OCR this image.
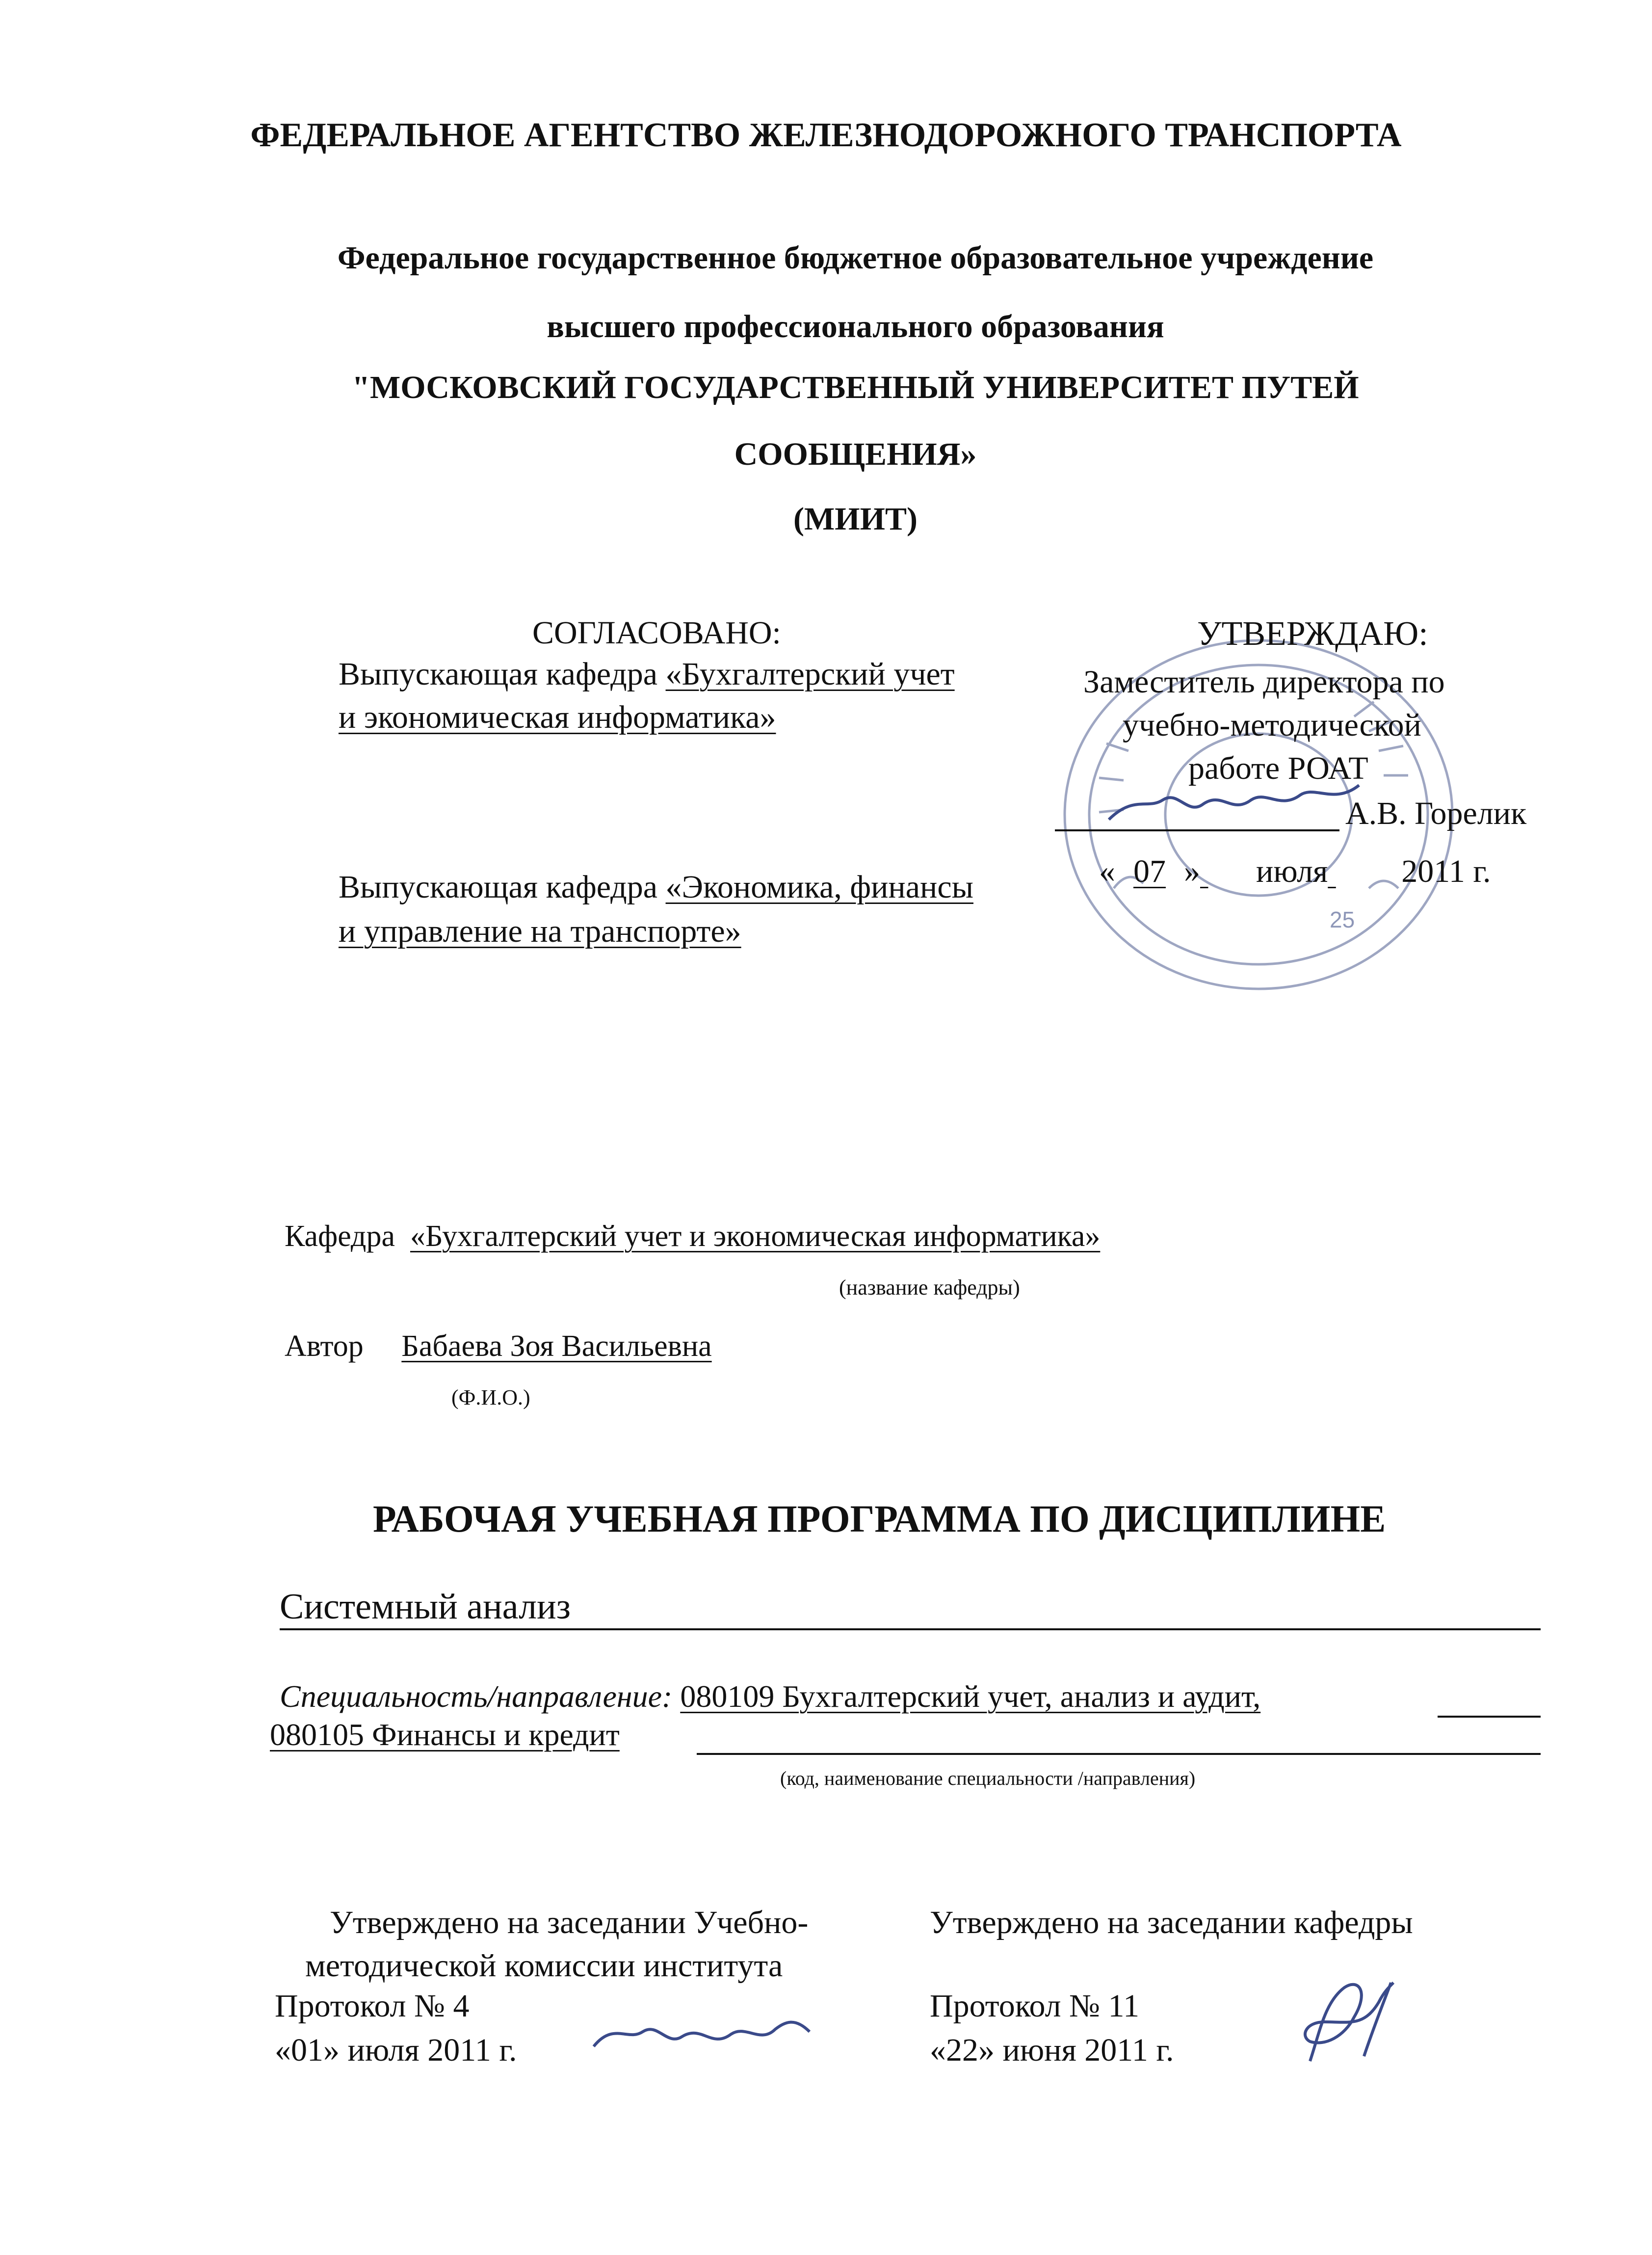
ФЕДЕРАЛЬНОЕ АГЕНТСТВО ЖЕЛЕЗНОДОРОЖНОГО ТРАНСПОРТА
Федеральное государственное бюджетное образовательное учреждение
высшего профессионального образования
"МОСКОВСКИЙ ГОСУДАРСТВЕННЫЙ УНИВЕРСИТЕТ ПУТЕЙ
СООБЩЕНИЯ»
(МИИТ)
СОГЛАСОВАНО:
Выпускающая кафедра «Бухгалтерский учет
и экономическая информатика»
Выпускающая кафедра «Экономика, финансы
и управление на транспорте»	25
УТВЕРЖДАЮ:
Заместитель директора по
учебно-методической
работе РОАТ
А.В. Горелик
« 07 » июля 2011 г.
Кафедра «Бухгалтерский учет и экономическая информатика»
(название кафедры)
Автор Бабаева Зоя Васильевна
(Ф.И.О.)
РАБОЧАЯ УЧЕБНАЯ ПРОГРАММА ПО ДИСЦИПЛИНЕ
Системный анализ
Специальность/направление: 080109 Бухгалтерский учет, анализ и аудит,
080105 Финансы и кредит
(код, наименование специальности /направления)
Утверждено на заседании Учебно-
методической комиссии института
Протокол № 4
«01» июля 2011 г.
Утверждено на заседании кафедры
Протокол № 11
«22» июня 2011 г.
